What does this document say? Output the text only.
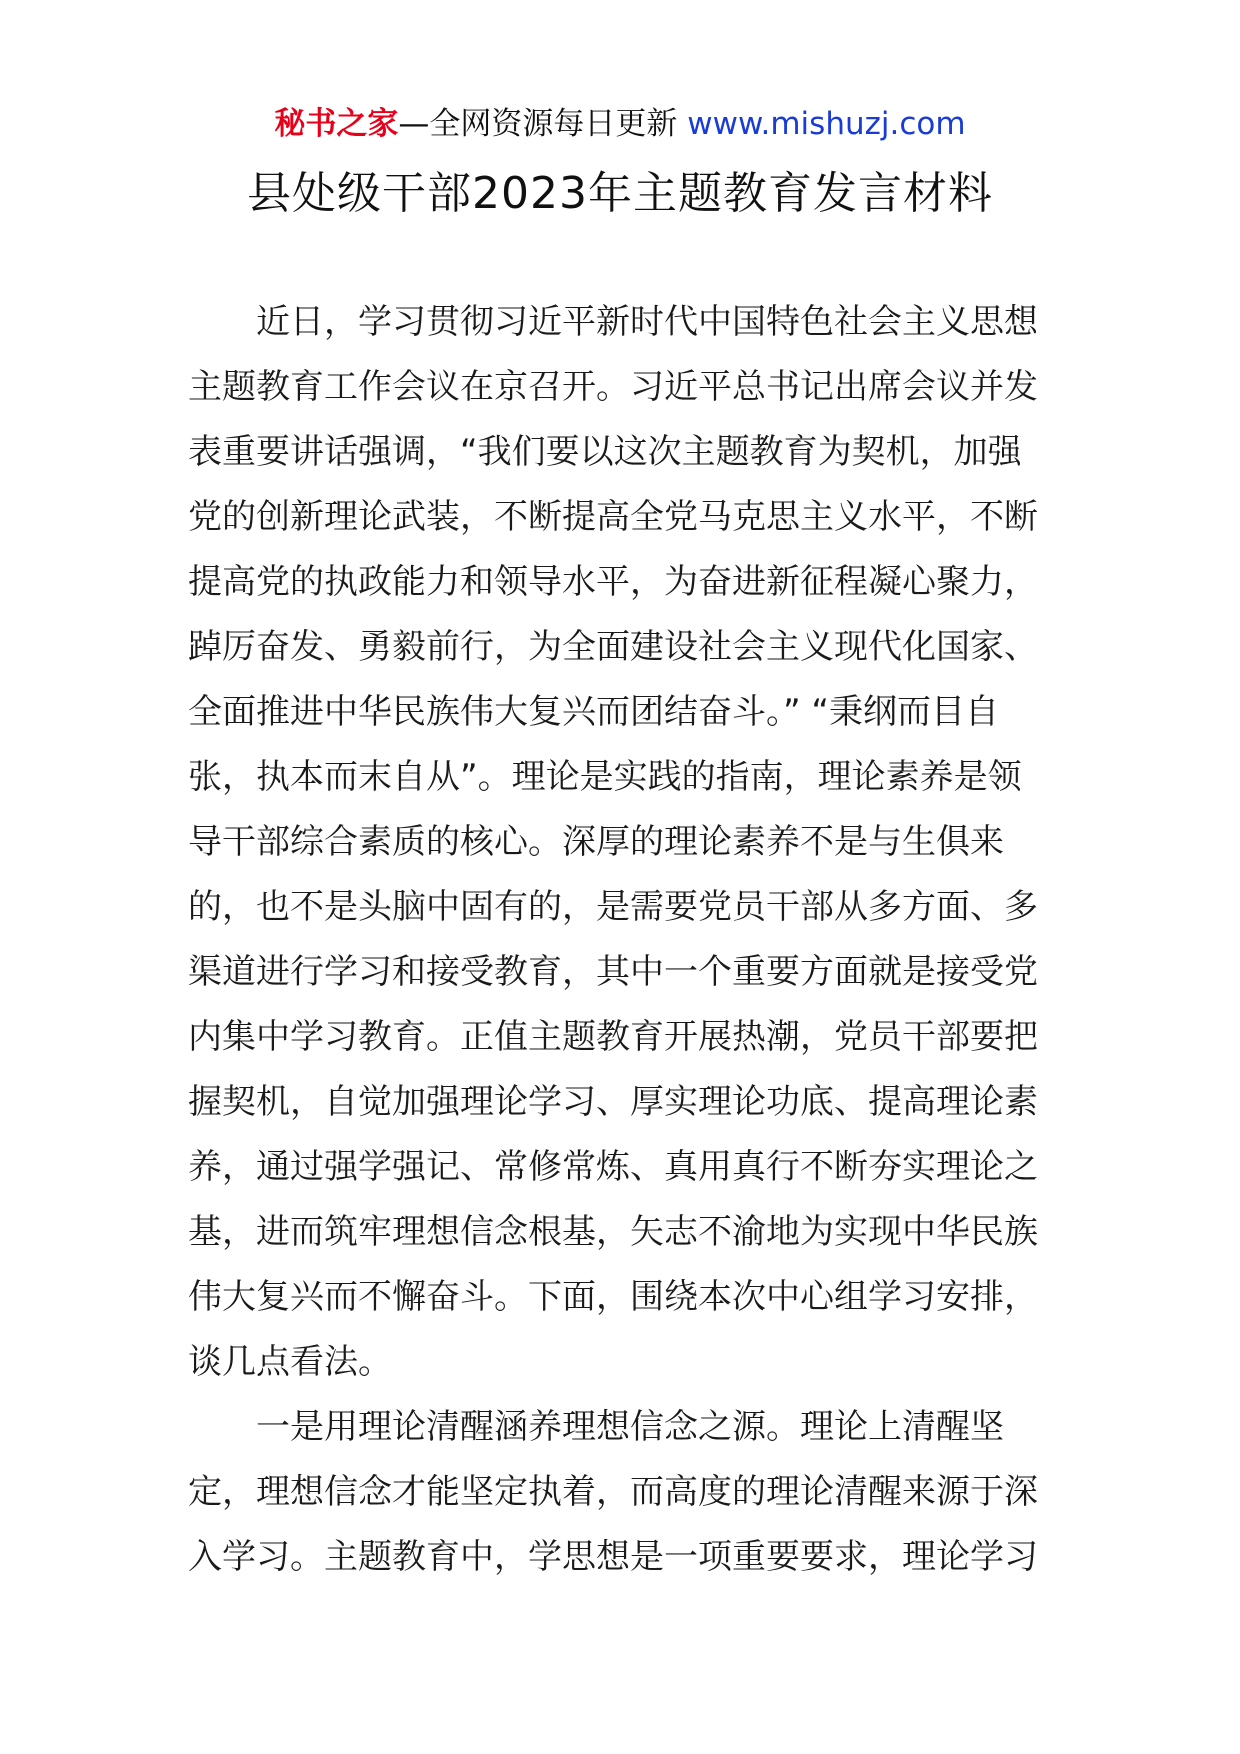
秘书之家—全网资源每日更新 www.mishuzj.com
县处级干部2023年主题教育发言材料
近日，学习贯彻习近平新时代中国特色社会主义思想
主题教育工作会议在京召开。习近平总书记出席会议并发
表重要讲话强调，“我们要以这次主题教育为契机，加强
党的创新理论武装，不断提高全党马克思主义水平，不断
提高党的执政能力和领导水平，为奋进新征程凝心聚力，
踔厉奋发、勇毅前行，为全面建设社会主义现代化国家、
全面推进中华民族伟大复兴而团结奋斗。” “秉纲而目自
张，执本而末自从”。理论是实践的指南，理论素养是领
导干部综合素质的核心。深厚的理论素养不是与生俱来
的，也不是头脑中固有的，是需要党员干部从多方面、多
渠道进行学习和接受教育，其中一个重要方面就是接受党
内集中学习教育。正值主题教育开展热潮，党员干部要把
握契机，自觉加强理论学习、厚实理论功底、提高理论素
养，通过强学强记、常修常炼、真用真行不断夯实理论之
基，进而筑牢理想信念根基，矢志不渝地为实现中华民族
伟大复兴而不懈奋斗。下面，围绕本次中心组学习安排，
谈几点看法。
一是用理论清醒涵养理想信念之源。理论上清醒坚
定，理想信念才能坚定执着，而高度的理论清醒来源于深
入学习。主题教育中，学思想是一项重要要求，理论学习
